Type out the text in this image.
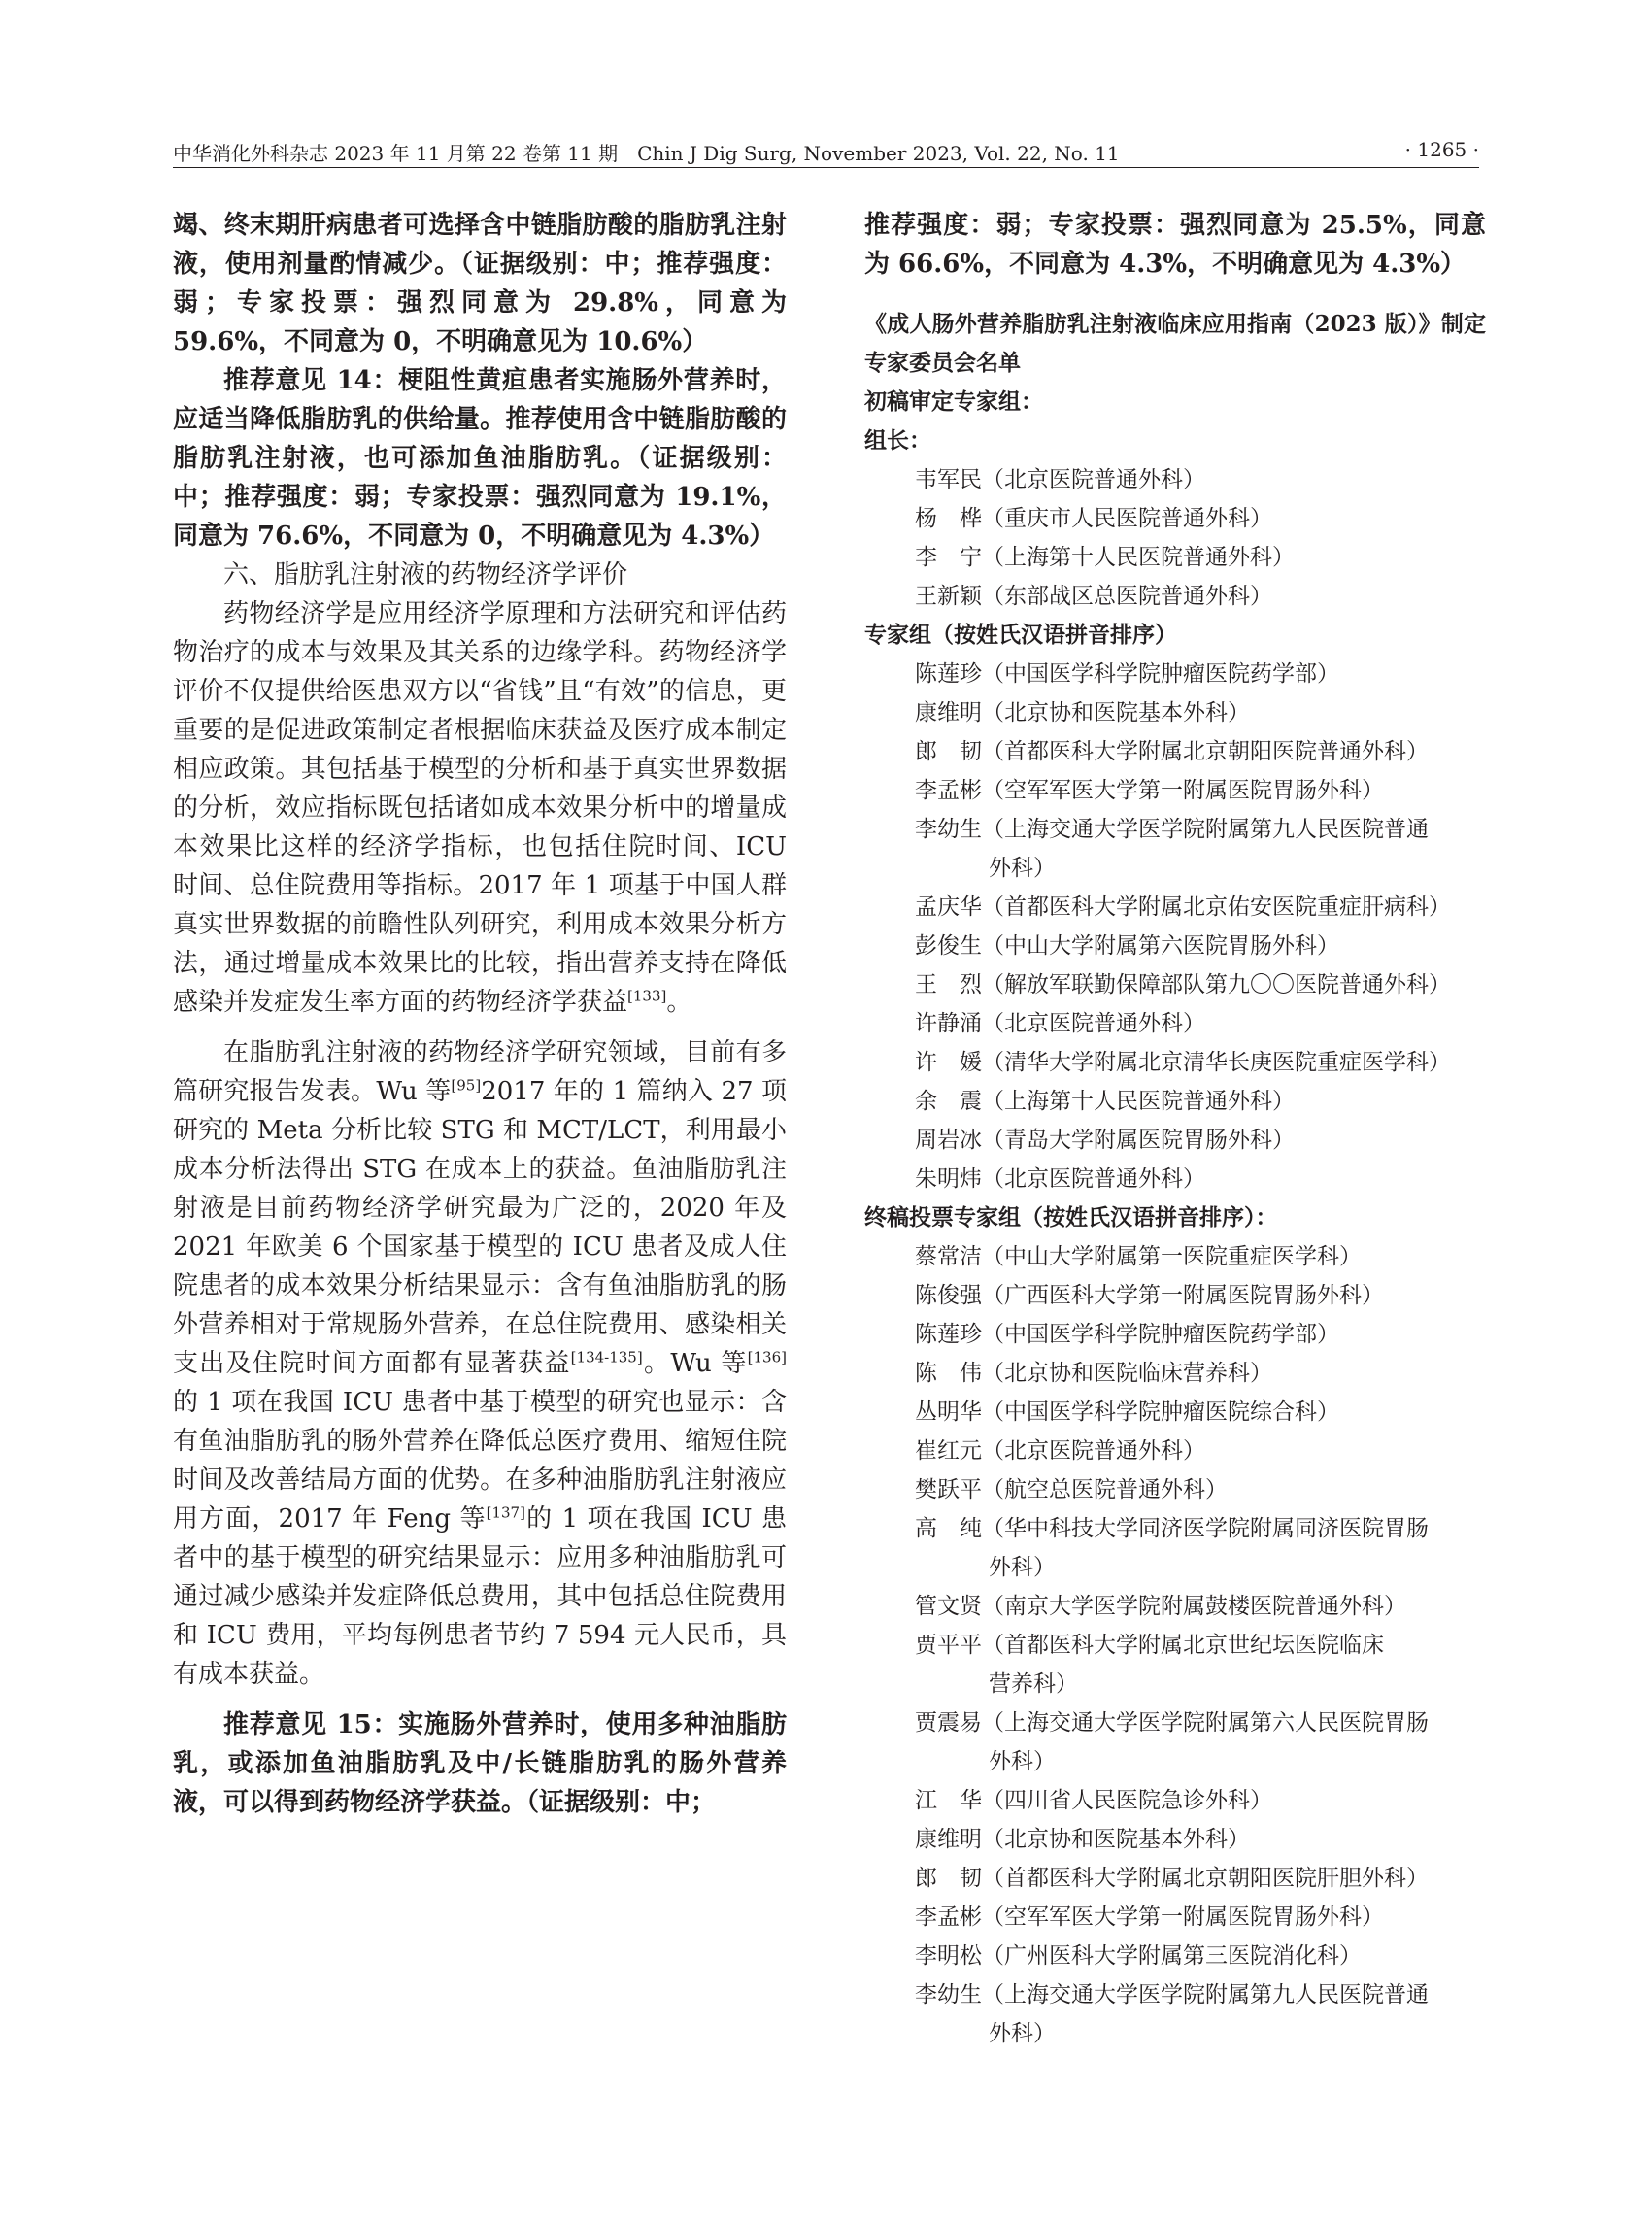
中华消化外科杂志 2023 年 11 月第 22 卷第 11 期　Chin J Dig Surg, November 2023, Vol. 22, No. 11	· 1265 ·

竭、终末期肝病患者可选择含中链脂肪酸的脂肪乳注射液，使用剂量酌情减少。（证据级别：中；推荐强度：弱；专家投票：强烈同意为 29.8%，同意为 59.6%，不同意为 0，不明确意见为 10.6%）

推荐意见 14：梗阻性黄疸患者实施肠外营养时，应适当降低脂肪乳的供给量。推荐使用含中链脂肪酸的脂肪乳注射液，也可添加鱼油脂肪乳。（证据级别：中；推荐强度：弱；专家投票：强烈同意为 19.1%，同意为 76.6%，不同意为 0，不明确意见为 4.3%）

六、脂肪乳注射液的药物经济学评价

药物经济学是应用经济学原理和方法研究和评估药物治疗的成本与效果及其关系的边缘学科。药物经济学评价不仅提供给医患双方以“省钱”且“有效”的信息，更重要的是促进政策制定者根据临床获益及医疗成本制定相应政策。其包括基于模型的分析和基于真实世界数据的分析，效应指标既包括诸如成本效果分析中的增量成本效果比这样的经济学指标，也包括住院时间、ICU 时间、总住院费用等指标。2017 年 1 项基于中国人群真实世界数据的前瞻性队列研究，利用成本效果分析方法，通过增量成本效果比的比较，指出营养支持在降低感染并发症发生率方面的药物经济学获益[133]。

在脂肪乳注射液的药物经济学研究领域，目前有多篇研究报告发表。Wu 等[95]2017 年的 1 篇纳入 27 项研究的 Meta 分析比较 STG 和 MCT/LCT，利用最小成本分析法得出 STG 在成本上的获益。鱼油脂肪乳注射液是目前药物经济学研究最为广泛的，2020 年及 2021 年欧美 6 个国家基于模型的 ICU 患者及成人住院患者的成本效果分析结果显示：含有鱼油脂肪乳的肠外营养相对于常规肠外营养，在总住院费用、感染相关支出及住院时间方面都有显著获益[134-135]。Wu 等[136]的 1 项在我国 ICU 患者中基于模型的研究也显示：含有鱼油脂肪乳的肠外营养在降低总医疗费用、缩短住院时间及改善结局方面的优势。在多种油脂肪乳注射液应用方面，2017 年 Feng 等[137]的 1 项在我国 ICU 患者中的基于模型的研究结果显示：应用多种油脂肪乳可通过减少感染并发症降低总费用，其中包括总住院费用和 ICU 费用，平均每例患者节约 7 594 元人民币，具有成本获益。

推荐意见 15：实施肠外营养时，使用多种油脂肪乳，或添加鱼油脂肪乳及中/长链脂肪乳的肠外营养液，可以得到药物经济学获益。（证据级别：中；

推荐强度：弱；专家投票：强烈同意为 25.5%，同意为 66.6%，不同意为 4.3%，不明确意见为 4.3%）

《成人肠外营养脂肪乳注射液临床应用指南（2023 版）》制定专家委员会名单

初稿审定专家组：

组长：

韦军民（北京医院普通外科）

杨　桦（重庆市人民医院普通外科）

李　宁（上海第十人民医院普通外科）

王新颖（东部战区总医院普通外科）

专家组（按姓氏汉语拼音排序）

陈莲珍（中国医学科学院肿瘤医院药学部）

康维明（北京协和医院基本外科）

郎　韧（首都医科大学附属北京朝阳医院普通外科）

李孟彬（空军军医大学第一附属医院胃肠外科）

李幼生（上海交通大学医学院附属第九人民医院普通
外科）

孟庆华（首都医科大学附属北京佑安医院重症肝病科）

彭俊生（中山大学附属第六医院胃肠外科）

王　烈（解放军联勤保障部队第九〇〇医院普通外科）

许静涌（北京医院普通外科）

许　媛（清华大学附属北京清华长庚医院重症医学科）

余　震（上海第十人民医院普通外科）

周岩冰（青岛大学附属医院胃肠外科）

朱明炜（北京医院普通外科）

终稿投票专家组（按姓氏汉语拼音排序）：

蔡常洁（中山大学附属第一医院重症医学科）

陈俊强（广西医科大学第一附属医院胃肠外科）

陈莲珍（中国医学科学院肿瘤医院药学部）

陈　伟（北京协和医院临床营养科）

丛明华（中国医学科学院肿瘤医院综合科）

崔红元（北京医院普通外科）

樊跃平（航空总医院普通外科）

高　纯（华中科技大学同济医学院附属同济医院胃肠
外科）

管文贤（南京大学医学院附属鼓楼医院普通外科）

贾平平（首都医科大学附属北京世纪坛医院临床
营养科）

贾震易（上海交通大学医学院附属第六人民医院胃肠
外科）

江　华（四川省人民医院急诊外科）

康维明（北京协和医院基本外科）

郎　韧（首都医科大学附属北京朝阳医院肝胆外科）

李孟彬（空军军医大学第一附属医院胃肠外科）

李明松（广州医科大学附属第三医院消化科）

李幼生（上海交通大学医学院附属第九人民医院普通
外科）
